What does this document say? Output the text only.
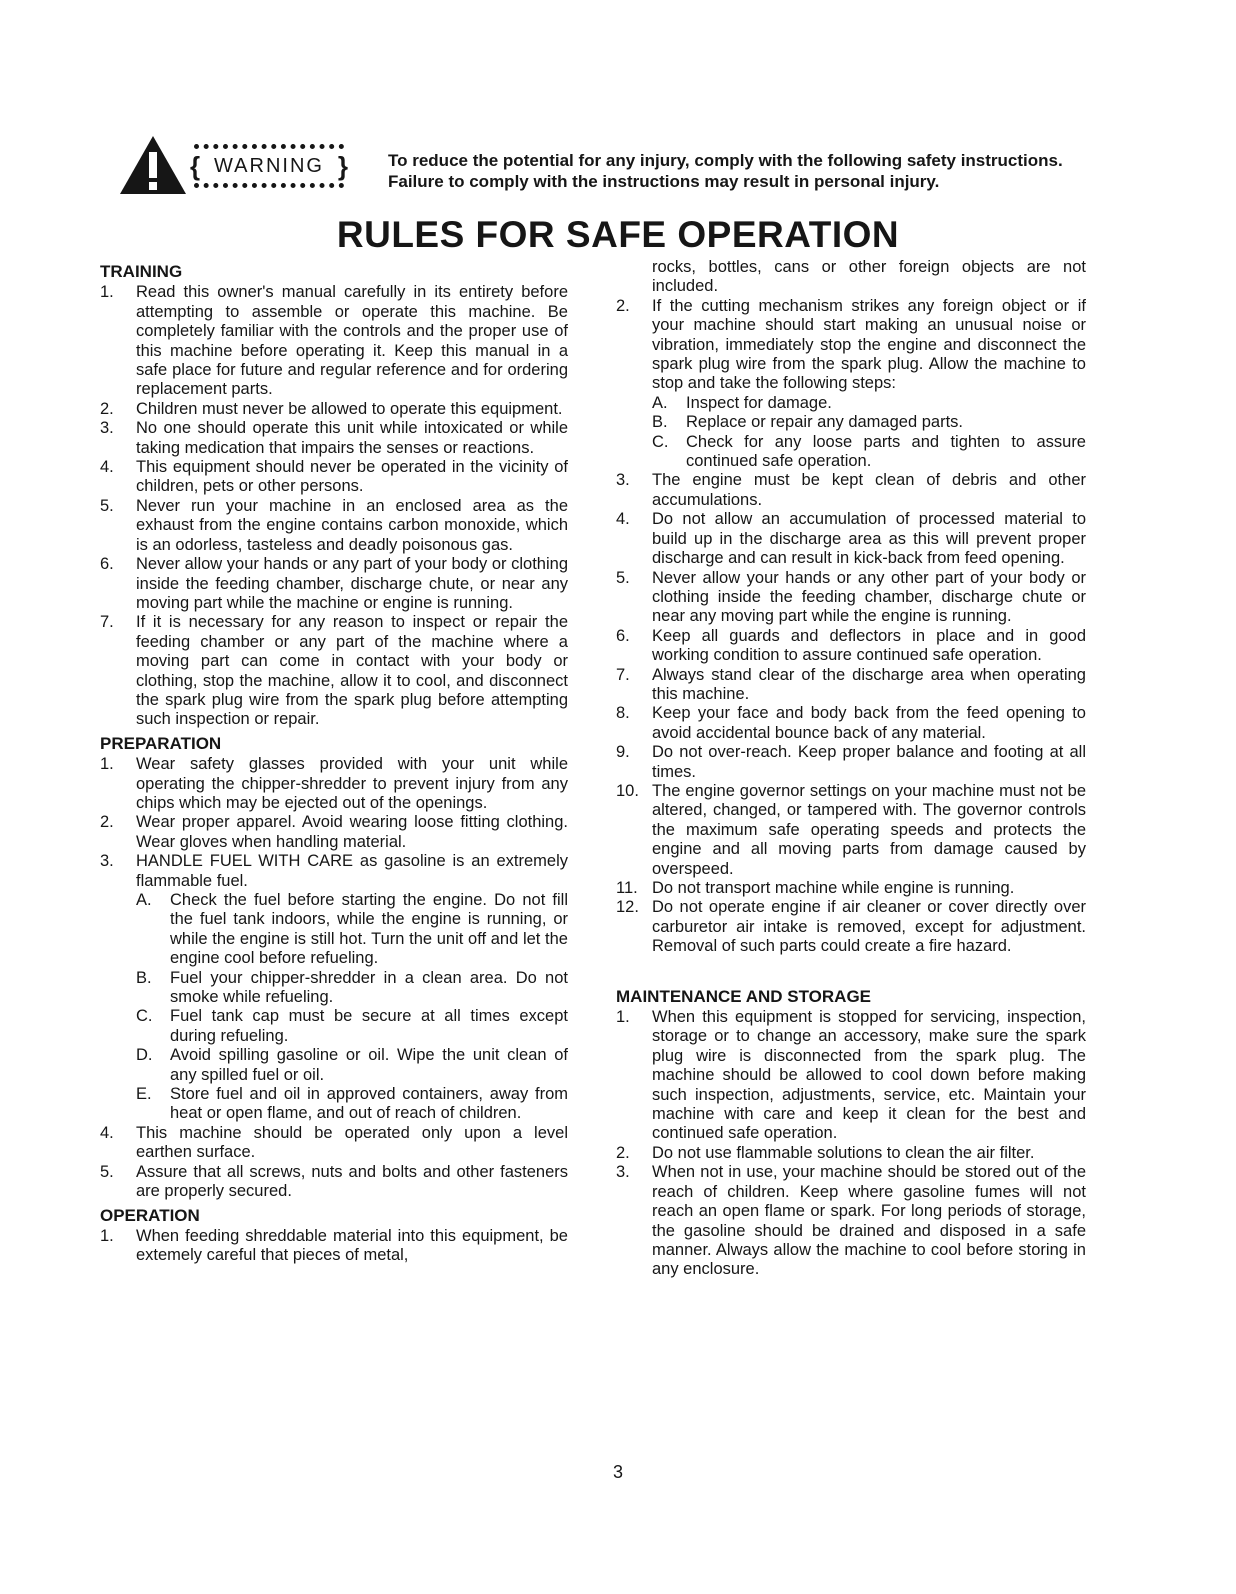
{ WARNING } To reduce the potential for any injury, comply with the following safety instructions. Failure to comply with the instructions may result in personal injury.
RULES FOR SAFE OPERATION
TRAINING
1.	Read this owner's manual carefully in its entirety before attempting to assemble or operate this machine. Be completely familiar with the controls and the proper use of this machine before operating it. Keep this manual in a safe place for future and regular reference and for ordering replacement parts.
2.	Children must never be allowed to operate this equipment.
3.	No one should operate this unit while intoxicated or while taking medication that impairs the senses or reactions.
4.	This equipment should never be operated in the vicinity of children, pets or other persons.
5.	Never run your machine in an enclosed area as the exhaust from the engine contains carbon monoxide, which is an odorless, tasteless and deadly poisonous gas.
6.	Never allow your hands or any part of your body or clothing inside the feeding chamber, discharge chute, or near any moving part while the machine or engine is running.
7.	If it is necessary for any reason to inspect or repair the feeding chamber or any part of the machine where a moving part can come in contact with your body or clothing, stop the machine, allow it to cool, and disconnect the spark plug wire from the spark plug before attempting such inspection or repair.
PREPARATION
1.	Wear safety glasses provided with your unit while operating the chipper-shredder to prevent injury from any chips which may be ejected out of the openings.
2.	Wear proper apparel. Avoid wearing loose fitting clothing. Wear gloves when handling material.
3.	HANDLE FUEL WITH CARE as gasoline is an extremely flammable fuel.
A.	Check the fuel before starting the engine. Do not fill the fuel tank indoors, while the engine is running, or while the engine is still hot. Turn the unit off and let the engine cool before refueling.
B.	Fuel your chipper-shredder in a clean area. Do not smoke while refueling.
C.	Fuel tank cap must be secure at all times except during refueling.
D.	Avoid spilling gasoline or oil. Wipe the unit clean of any spilled fuel or oil.
E.	Store fuel and oil in approved containers, away from heat or open flame, and out of reach of children.
4.	This machine should be operated only upon a level earthen surface.
5.	Assure that all screws, nuts and bolts and other fasteners are properly secured.
OPERATION
1.	When feeding shreddable material into this equipment, be extemely careful that pieces of metal,
rocks, bottles, cans or other foreign objects are not included.
2.	If the cutting mechanism strikes any foreign object or if your machine should start making an unusual noise or vibration, immediately stop the engine and disconnect the spark plug wire from the spark plug. Allow the machine to stop and take the following steps:
A.	Inspect for damage.
B.	Replace or repair any damaged parts.
C.	Check for any loose parts and tighten to assure continued safe operation.
3.	The engine must be kept clean of debris and other accumulations.
4.	Do not allow an accumulation of processed material to build up in the discharge area as this will prevent proper discharge and can result in kick-back from feed opening.
5.	Never allow your hands or any other part of your body or clothing inside the feeding chamber, discharge chute or near any moving part while the engine is running.
6.	Keep all guards and deflectors in place and in good working condition to assure continued safe operation.
7.	Always stand clear of the discharge area when operating this machine.
8.	Keep your face and body back from the feed opening to avoid accidental bounce back of any material.
9.	Do not over-reach. Keep proper balance and footing at all times.
10. The engine governor settings on your machine must not be altered, changed, or tampered with. The governor controls the maximum safe operating speeds and protects the engine and all moving parts from damage caused by overspeed.
11. Do not transport machine while engine is running.
12. Do not operate engine if air cleaner or cover directly over carburetor air intake is removed, except for adjustment. Removal of such parts could create a fire hazard.
MAINTENANCE AND STORAGE
1.	When this equipment is stopped for servicing, inspection, storage or to change an accessory, make sure the spark plug wire is disconnected from the spark plug. The machine should be allowed to cool down before making such inspection, adjustments, service, etc. Maintain your machine with care and keep it clean for the best and continued safe operation.
2.	Do not use flammable solutions to clean the air filter.
3.	When not in use, your machine should be stored out of the reach of children. Keep where gasoline fumes will not reach an open flame or spark. For long periods of storage, the gasoline should be drained and disposed in a safe manner. Always allow the machine to cool before storing in any enclosure.
3
